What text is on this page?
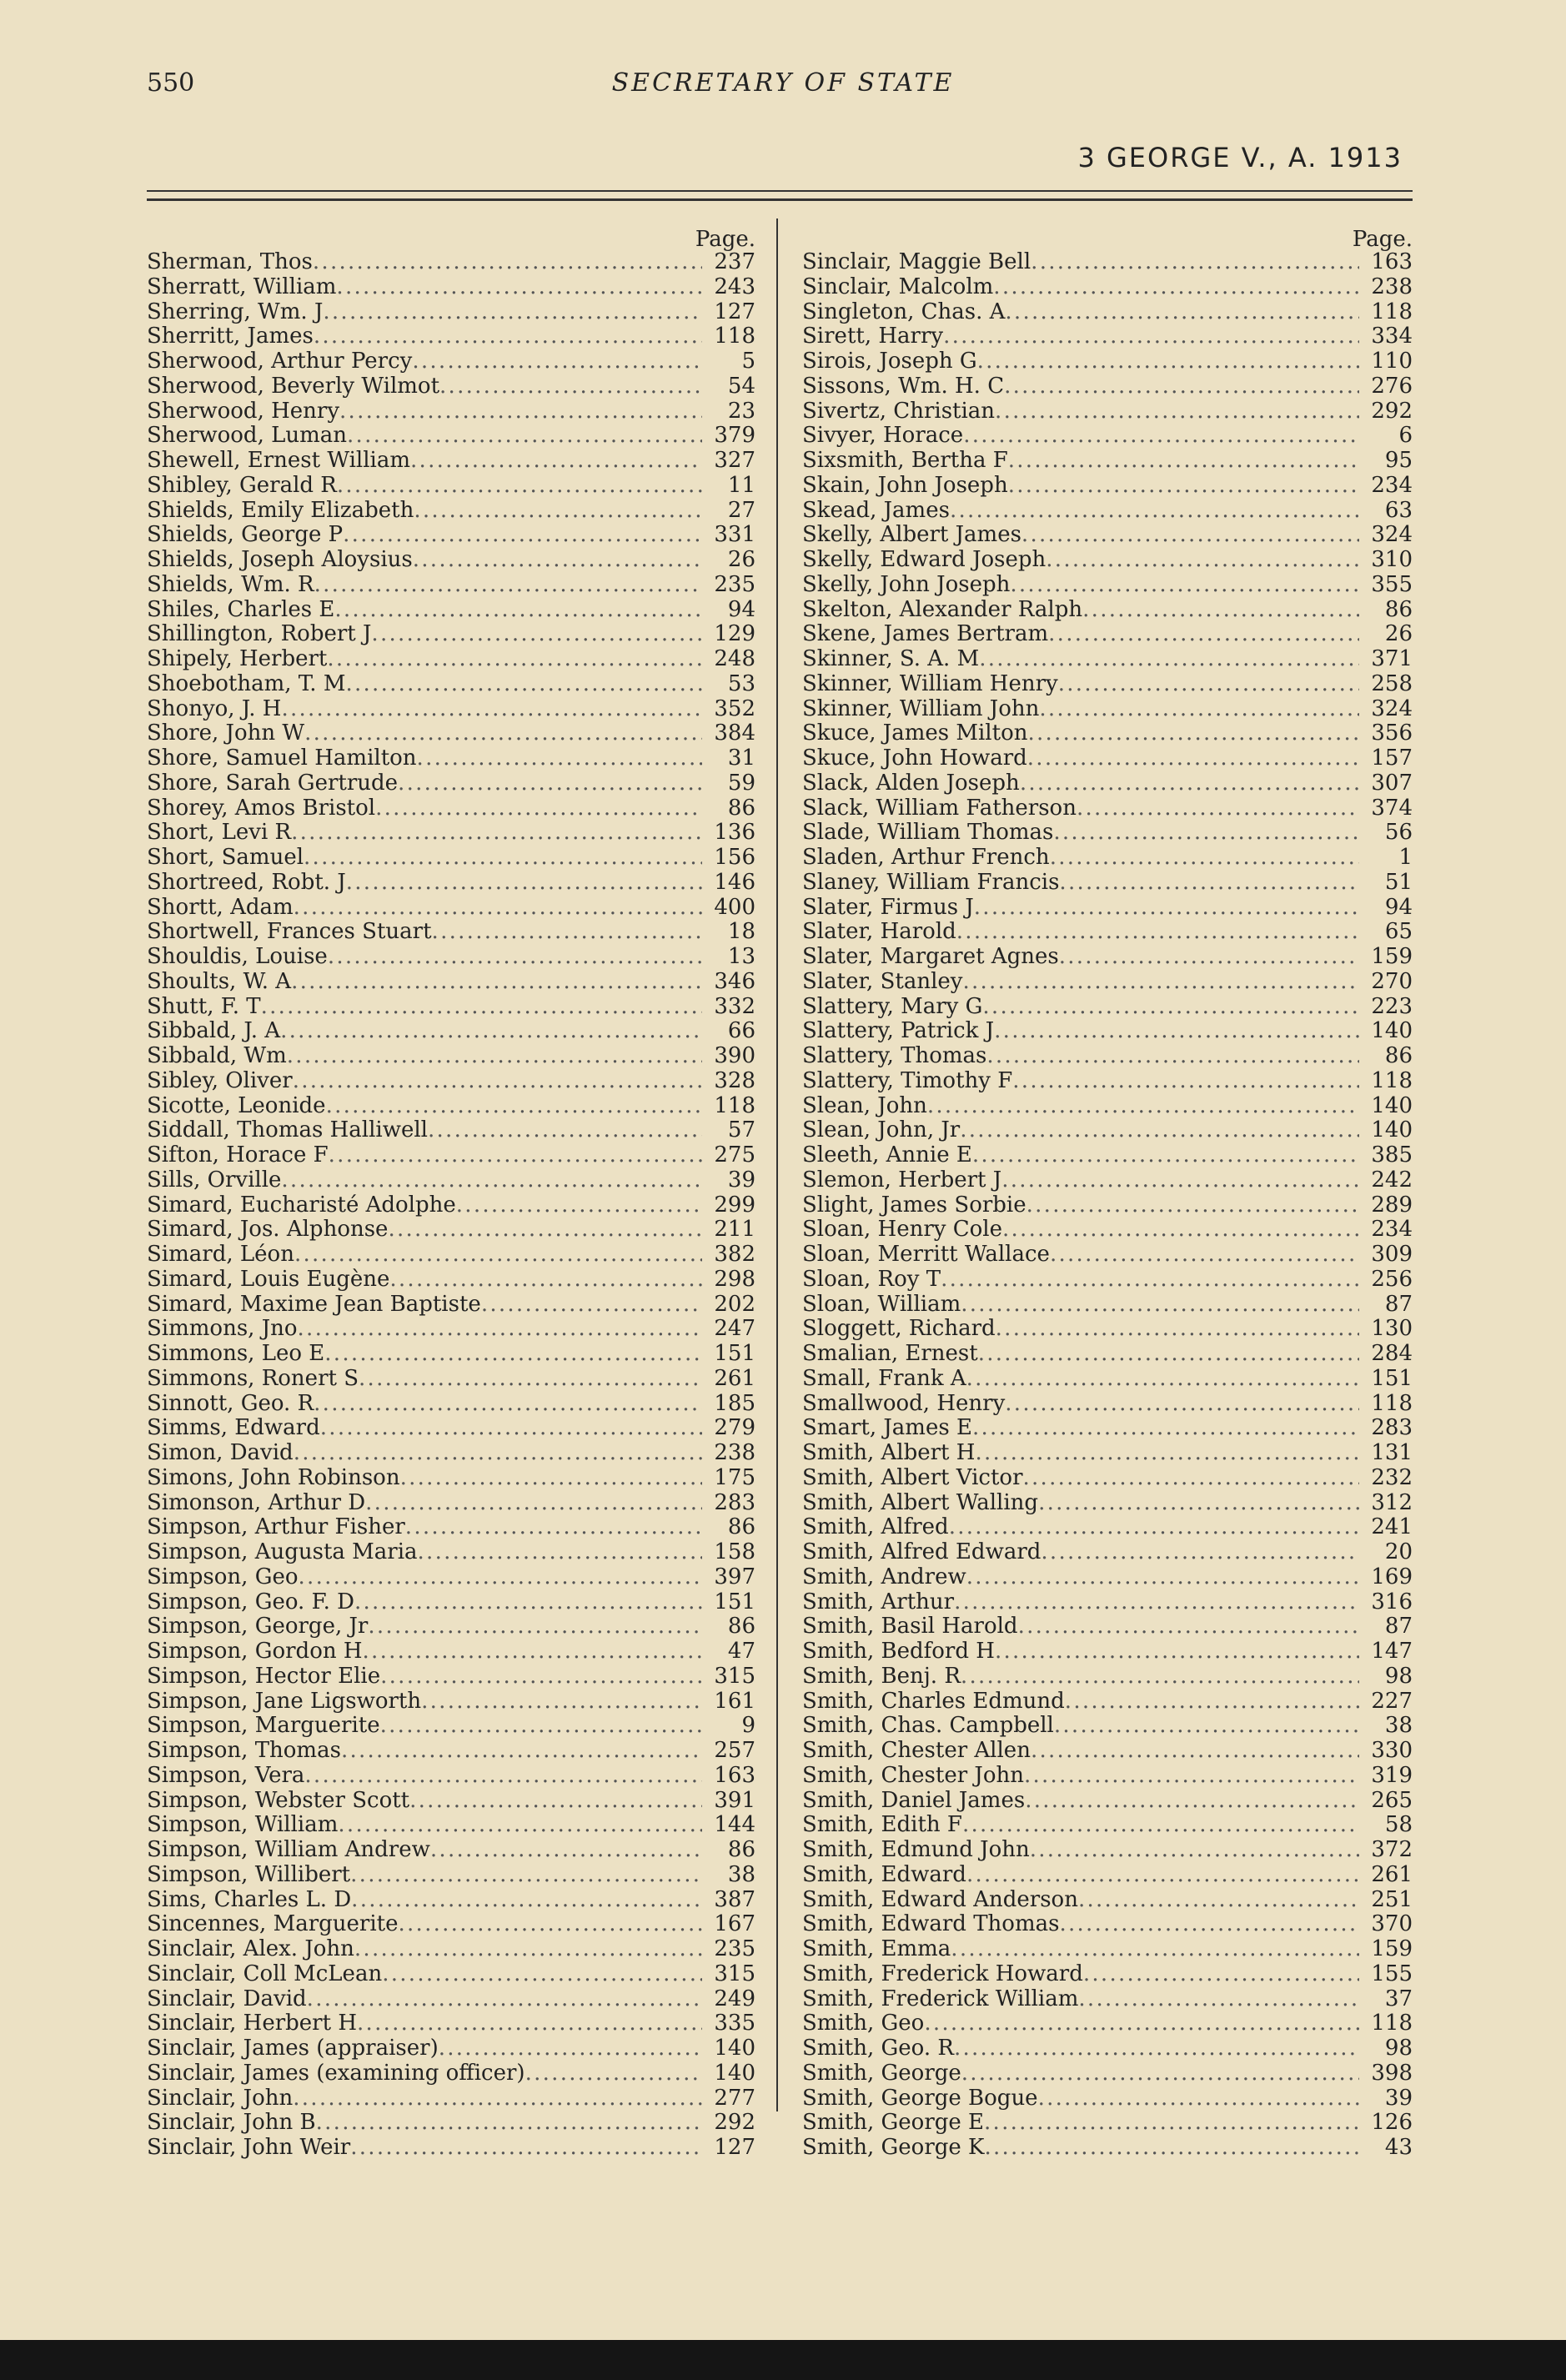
550	SECRETARY OF STATE
3 GEORGE V., A. 1913
Page.
Sherman, Thos . . .	237
Sherratt, William . . .	243
Sherring, Wm. J . . .	127
Sherritt, James . . .	118
Sherwood, Arthur Percy . . .	5
Sherwood, Beverly Wilmot . . .	54
Sherwood, Henry . . .	23
Sherwood, Luman . . .	379
Shewell, Ernest William . . .	327
Shibley, Gerald R . . .	11
Shields, Emily Elizabeth . . .	27
Shields, George P . . .	331
Shields, Joseph Aloysius . . .	26
Shields, Wm. R . . .	235
Shiles, Charles E . . .	94
Shillington, Robert J . . .	129
Shipely, Herbert . . .	248
Shoebotham, T. M . . .	53
Shonyo, J. H . . .	352
Shore, John W . . .	384
Shore, Samuel Hamilton . . .	31
Shore, Sarah Gertrude . . .	59
Shorey, Amos Bristol . . .	86
Short, Levi R . . .	136
Short, Samuel . . .	156
Shortreed, Robt. J . . .	146
Shortt, Adam . . .	400
Shortwell, Frances Stuart . . .	18
Shouldis, Louise . . .	13
Shoults, W. A . . .	346
Shutt, F. T . . .	332
Sibbald, J. A . . .	66
Sibbald, Wm . . .	390
Sibley, Oliver . . .	328
Sicotte, Leonide . . .	118
Siddall, Thomas Halliwell . . .	57
Sifton, Horace F . . .	275
Sills, Orville . . .	39
Simard, Eucharisté Adolphe . . .	299
Simard, Jos. Alphonse . . .	211
Simard, Léon . . .	382
Simard, Louis Eugène . . .	298
Simard, Maxime Jean Baptiste . . .	202
Simmons, Jno . . .	247
Simmons, Leo E . . .	151
Simmons, Ronert S . . .	261
Sinnott, Geo. R . . .	185
Simms, Edward . . .	279
Simon, David . . .	238
Simons, John Robinson . . .	175
Simonson, Arthur D . . .	283
Simpson, Arthur Fisher . . .	86
Simpson, Augusta Maria . . .	158
Simpson, Geo . . .	397
Simpson, Geo. F. D . . .	151
Simpson, George, Jr . . .	86
Simpson, Gordon H . . .	47
Simpson, Hector Elie . . .	315
Simpson, Jane Ligsworth . . .	161
Simpson, Marguerite . . .	9
Simpson, Thomas . . .	257
Simpson, Vera . . .	163
Simpson, Webster Scott . . .	391
Simpson, William . . .	144
Simpson, William Andrew . . .	86
Simpson, Willibert . . .	38
Sims, Charles L. D . . .	387
Sincennes, Marguerite . . .	167
Sinclair, Alex. John . . .	235
Sinclair, Coll McLean . . .	315
Sinclair, David . . .	249
Sinclair, Herbert H . . .	335
Sinclair, James (appraiser) . . .	140
Sinclair, James (examining officer) . . .	140
Sinclair, John . . .	277
Sinclair, John B . . .	292
Sinclair, John Weir . . .	127
Page.
Sinclair, Maggie Bell . . .	163
Sinclair, Malcolm . . .	238
Singleton, Chas. A . . .	118
Sirett, Harry . . .	334
Sirois, Joseph G . . .	110
Sissons, Wm. H. C . . .	276
Sivertz, Christian . . .	292
Sivyer, Horace . . .	6
Sixsmith, Bertha F . . .	95
Skain, John Joseph . . .	234
Skead, James . . .	63
Skelly, Albert James . . .	324
Skelly, Edward Joseph . . .	310
Skelly, John Joseph . . .	355
Skelton, Alexander Ralph . . .	86
Skene, James Bertram . . .	26
Skinner, S. A. M . . .	371
Skinner, William Henry . . .	258
Skinner, William John . . .	324
Skuce, James Milton . . .	356
Skuce, John Howard . . .	157
Slack, Alden Joseph . . .	307
Slack, William Fatherson . . .	374
Slade, William Thomas . . .	56
Sladen, Arthur French . . .	1
Slaney, William Francis . . .	51
Slater, Firmus J . . .	94
Slater, Harold . . .	65
Slater, Margaret Agnes . . .	159
Slater, Stanley . . .	270
Slattery, Mary G . . .	223
Slattery, Patrick J . . .	140
Slattery, Thomas . . .	86
Slattery, Timothy F . . .	118
Slean, John . . .	140
Slean, John, Jr . . .	140
Sleeth, Annie E . . .	385
Slemon, Herbert J . . .	242
Slight, James Sorbie . . .	289
Sloan, Henry Cole . . .	234
Sloan, Merritt Wallace . . .	309
Sloan, Roy T . . .	256
Sloan, William . . .	87
Sloggett, Richard . . .	130
Smalian, Ernest . . .	284
Small, Frank A . . .	151
Smallwood, Henry . . .	118
Smart, James E . . .	283
Smith, Albert H . . .	131
Smith, Albert Victor . . .	232
Smith, Albert Walling . . .	312
Smith, Alfred . . .	241
Smith, Alfred Edward . . .	20
Smith, Andrew . . .	169
Smith, Arthur . . .	316
Smith, Basil Harold . . .	87
Smith, Bedford H . . .	147
Smith, Benj. R . . .	98
Smith, Charles Edmund . . .	227
Smith, Chas. Campbell . . .	38
Smith, Chester Allen . . .	330
Smith, Chester John . . .	319
Smith, Daniel James . . .	265
Smith, Edith F . . .	58
Smith, Edmund John . . .	372
Smith, Edward . . .	261
Smith, Edward Anderson . . .	251
Smith, Edward Thomas . . .	370
Smith, Emma . . .	159
Smith, Frederick Howard . . .	155
Smith, Frederick William . . .	37
Smith, Geo . . .	118
Smith, Geo. R . . .	98
Smith, George . . .	398
Smith, George Bogue . . .	39
Smith, George E . . .	126
Smith, George K . . .	43
